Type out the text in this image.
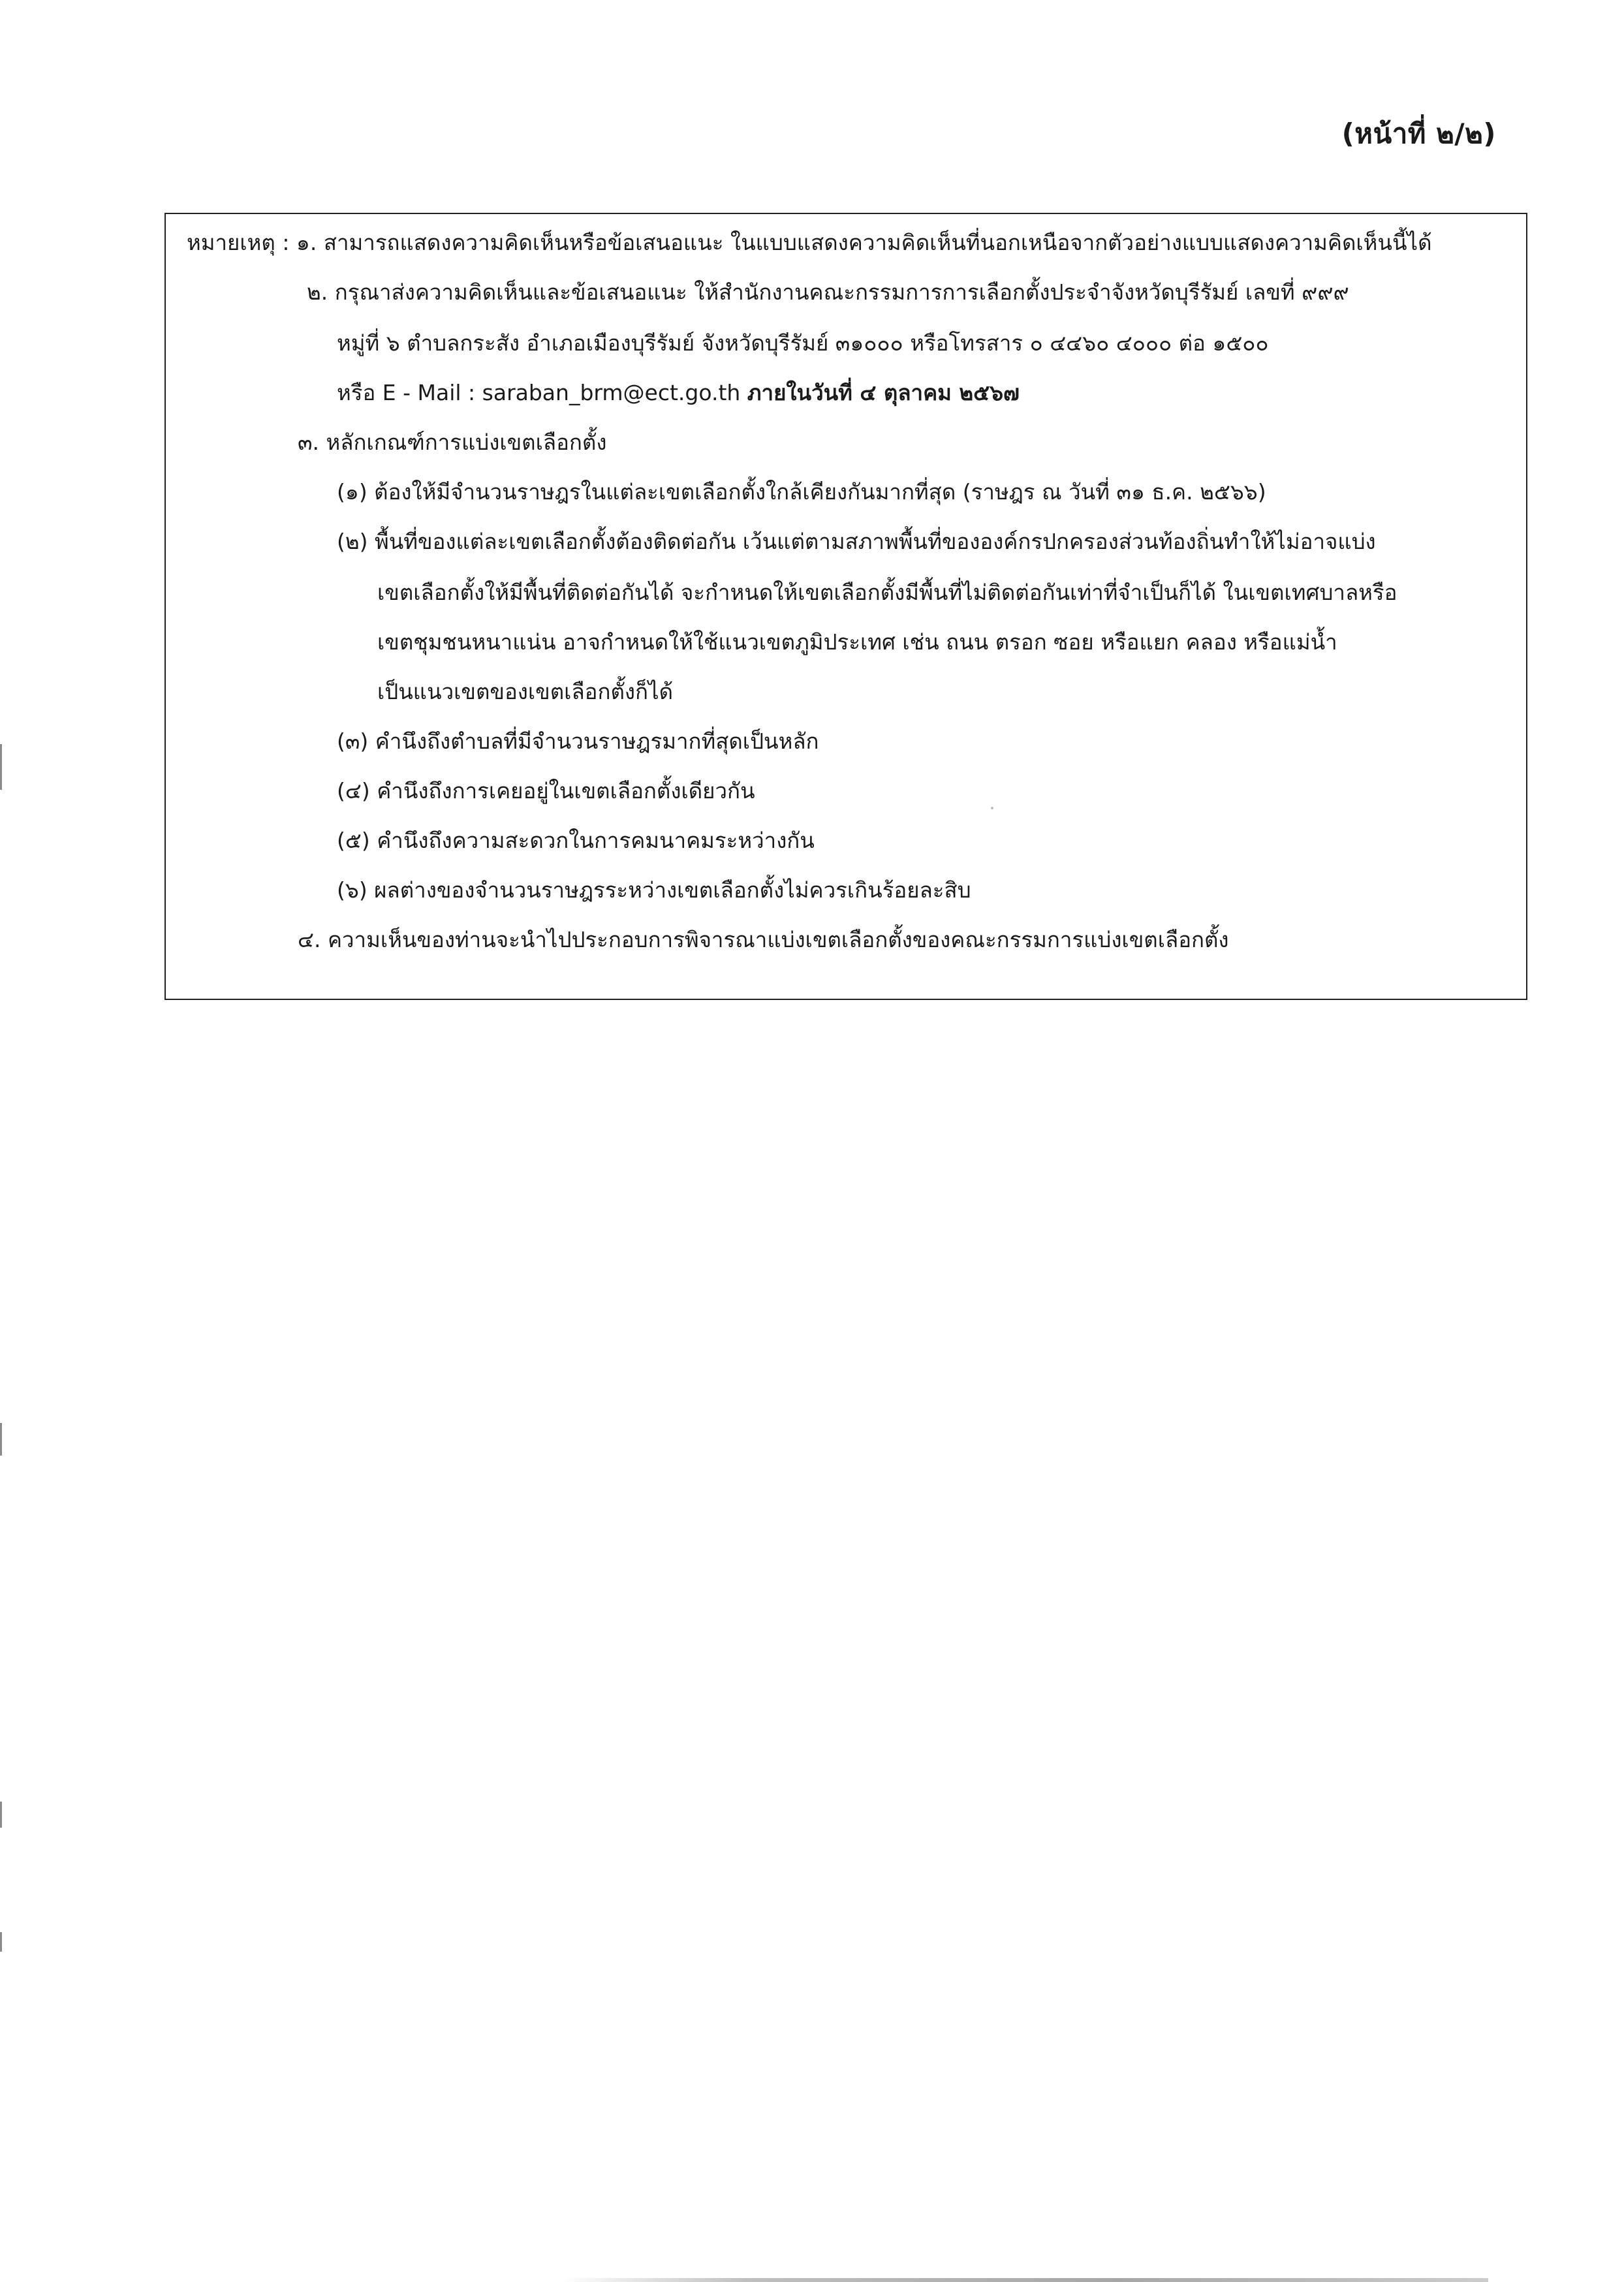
(หน้าที่ ๒/๒)
หมายเหตุ : ๑. สามารถแสดงความคิดเห็นหรือข้อเสนอแนะ ในแบบแสดงความคิดเห็นที่นอกเหนือจากตัวอย่างแบบแสดงความคิดเห็นนี้ได้
๒. กรุณาส่งความคิดเห็นและข้อเสนอแนะ ให้สำนักงานคณะกรรมการการเลือกตั้งประจำจังหวัดบุรีรัมย์ เลขที่ ๙๙๙
หมู่ที่ ๖ ตำบลกระสัง อำเภอเมืองบุรีรัมย์ จังหวัดบุรีรัมย์ ๓๑๐๐๐ หรือโทรสาร ๐ ๔๔๖๐ ๔๐๐๐ ต่อ ๑๕๐๐
หรือ E - Mail : saraban_brm@ect.go.th ภายในวันที่ ๔ ตุลาคม ๒๕๖๗
๓. หลักเกณฑ์การแบ่งเขตเลือกตั้ง
(๑) ต้องให้มีจำนวนราษฎรในแต่ละเขตเลือกตั้งใกล้เคียงกันมากที่สุด (ราษฎร ณ วันที่ ๓๑ ธ.ค. ๒๕๖๖)
(๒) พื้นที่ของแต่ละเขตเลือกตั้งต้องติดต่อกัน เว้นแต่ตามสภาพพื้นที่ขององค์กรปกครองส่วนท้องถิ่นทำให้ไม่อาจแบ่ง
เขตเลือกตั้งให้มีพื้นที่ติดต่อกันได้ จะกำหนดให้เขตเลือกตั้งมีพื้นที่ไม่ติดต่อกันเท่าที่จำเป็นก็ได้ ในเขตเทศบาลหรือ
เขตชุมชนหนาแน่น อาจกำหนดให้ใช้แนวเขตภูมิประเทศ เช่น ถนน ตรอก ซอย หรือแยก คลอง หรือแม่น้ำ
เป็นแนวเขตของเขตเลือกตั้งก็ได้
(๓) คำนึงถึงตำบลที่มีจำนวนราษฎรมากที่สุดเป็นหลัก
(๔) คำนึงถึงการเคยอยู่ในเขตเลือกตั้งเดียวกัน
(๕) คำนึงถึงความสะดวกในการคมนาคมระหว่างกัน
(๖) ผลต่างของจำนวนราษฎรระหว่างเขตเลือกตั้งไม่ควรเกินร้อยละสิบ
๔. ความเห็นของท่านจะนำไปประกอบการพิจารณาแบ่งเขตเลือกตั้งของคณะกรรมการแบ่งเขตเลือกตั้ง
